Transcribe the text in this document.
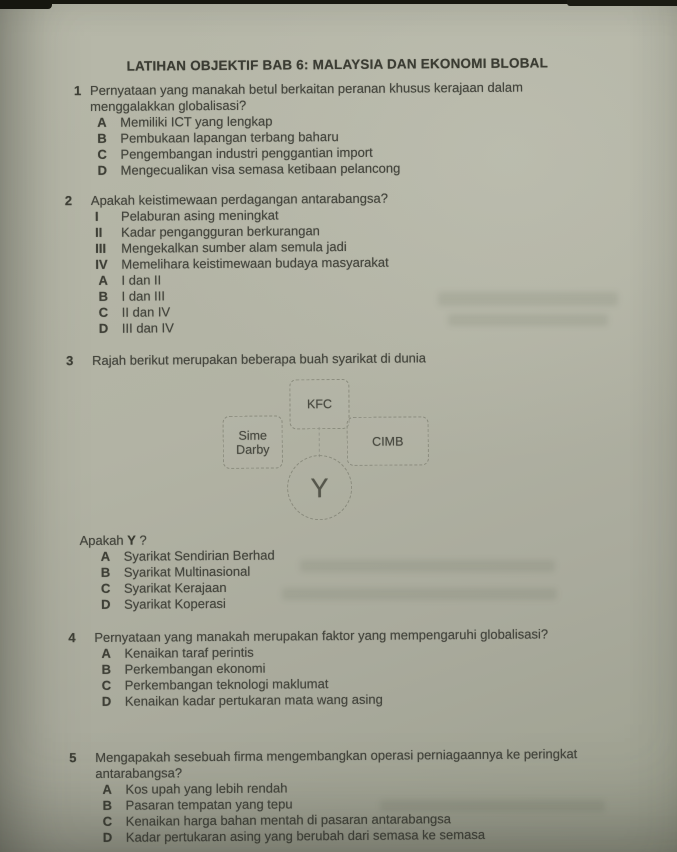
LATIHAN OBJEKTIF BAB 6: MALAYSIA DAN EKONOMI BLOBAL
1 Pernyataan yang manakah betul berkaitan peranan khusus kerajaan dalam menggalakkan globalisasi?

A	Memiliki ICT yang lengkap
B	Pembukaan lapangan terbang baharu
C	Pengembangan industri penggantian import
D	Mengecualikan visa semasa ketibaan pelancong
2	Apakah keistimewaan perdagangan antarabangsa?

I	Pelaburan asing meningkat
II	Kadar pengangguran berkurangan
III	Mengekalkan sumber alam semula jadi
IV	Memelihara keistimewaan budaya masyarakat
A	I dan II
B	I dan III
C	II dan IV
D	III dan IV
3	Rajah berikut merupakan beberapa buah syarikat di dunia

KFC
Sime Darby
CIMB
Y

Apakah Y ?

A	Syarikat Sendirian Berhad
B	Syarikat Multinasional
C	Syarikat Kerajaan
D	Syarikat Koperasi
4	Pernyataan yang manakah merupakan faktor yang mempengaruhi globalisasi?

A	Kenaikan taraf perintis
B	Perkembangan ekonomi
C	Perkembangan teknologi maklumat
D	Kenaikan kadar pertukaran mata wang asing
5	Mengapakah sesebuah firma mengembangkan operasi perniagaannya ke peringkat antarabangsa?

A	Kos upah yang lebih rendah
B	Pasaran tempatan yang tepu
C	Kenaikan harga bahan mentah di pasaran antarabangsa
D	Kadar pertukaran asing yang berubah dari semasa ke semasa
